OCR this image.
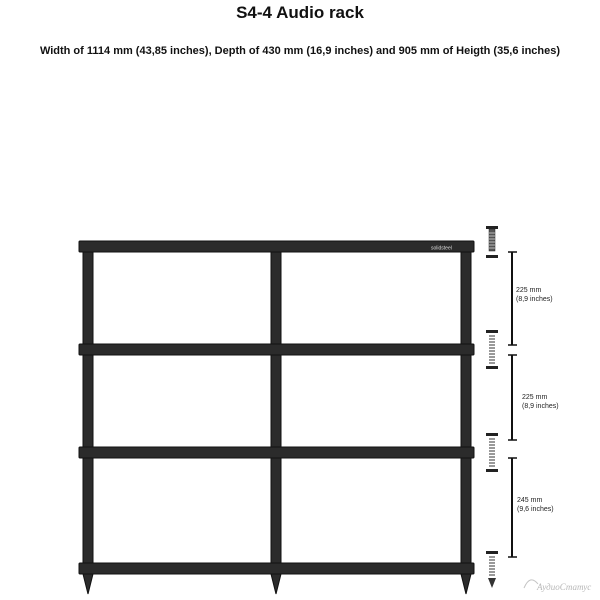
S4-4 Audio rack
Width of 1114 mm (43,85 inches), Depth of 430 mm (16,9 inches) and 905 mm of Heigth (35,6 inches)
solidsteel
225 mm
(8,9 inches)
225 mm
(8,9 inches)
245 mm
(9,6 inches)
АудиоСтатус
